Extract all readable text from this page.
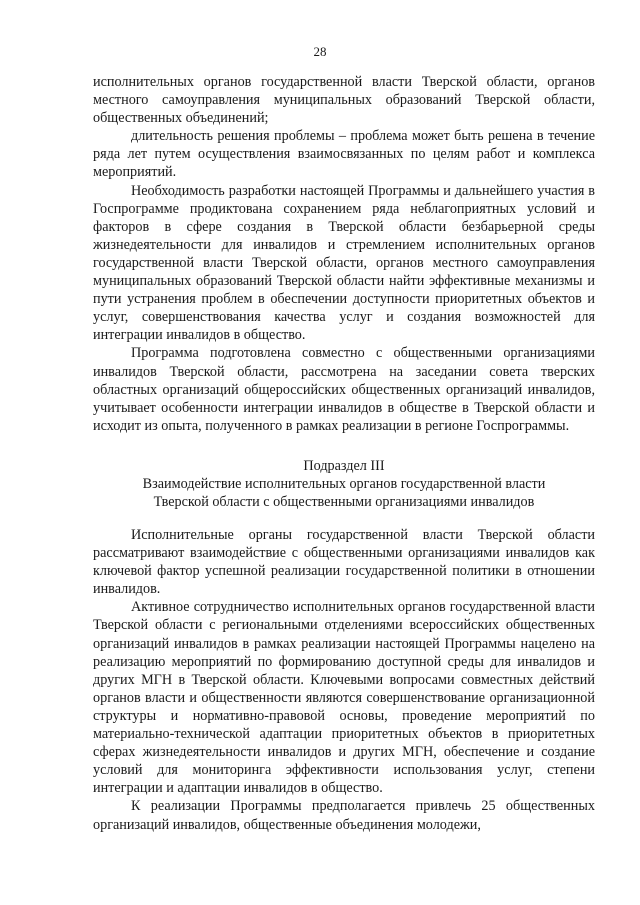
28

исполнительных органов государственной власти Тверской области, органов местного самоуправления муниципальных образований Тверской области, общественных объединений;

длительность решения проблемы – проблема может быть решена в течение ряда лет путем осуществления взаимосвязанных по целям работ и комплекса мероприятий.

Необходимость разработки настоящей Программы и дальнейшего участия в Госпрограмме продиктована сохранением ряда неблагоприятных условий и факторов в сфере создания в Тверской области безбарьерной среды жизнедеятельности для инвалидов и стремлением исполнительных органов государственной власти Тверской области, органов местного самоуправления муниципальных образований Тверской области найти эффективные механизмы и пути устранения проблем в обеспечении доступности приоритетных объектов и услуг, совершенствования качества услуг и создания возможностей для интеграции инвалидов в общество.

Программа подготовлена совместно с общественными организациями инвалидов Тверской области, рассмотрена на заседании совета тверских областных организаций общероссийских общественных организаций инвалидов, учитывает особенности интеграции инвалидов в обществе в Тверской области и исходит из опыта, полученного в рамках реализации в регионе Госпрограммы.

Подраздел III
Взаимодействие исполнительных органов государственной власти
Тверской области с общественными организациями инвалидов

Исполнительные органы государственной власти Тверской области рассматривают взаимодействие с общественными организациями инвалидов как ключевой фактор успешной реализации государственной политики в отношении инвалидов.

Активное сотрудничество исполнительных органов государственной власти Тверской области с региональными отделениями всероссийских общественных организаций инвалидов в рамках реализации настоящей Программы нацелено на реализацию мероприятий по формированию доступной среды для инвалидов и других МГН в Тверской области. Ключевыми вопросами совместных действий органов власти и общественности являются совершенствование организационной структуры и нормативно-правовой основы, проведение мероприятий по материально-технической адаптации приоритетных объектов в приоритетных сферах жизнедеятельности инвалидов и других МГН, обеспечение и создание условий для мониторинга эффективности использования услуг, степени интеграции и адаптации инвалидов в общество.

К реализации Программы предполагается привлечь 25 общественных организаций инвалидов, общественные объединения молодежи,
